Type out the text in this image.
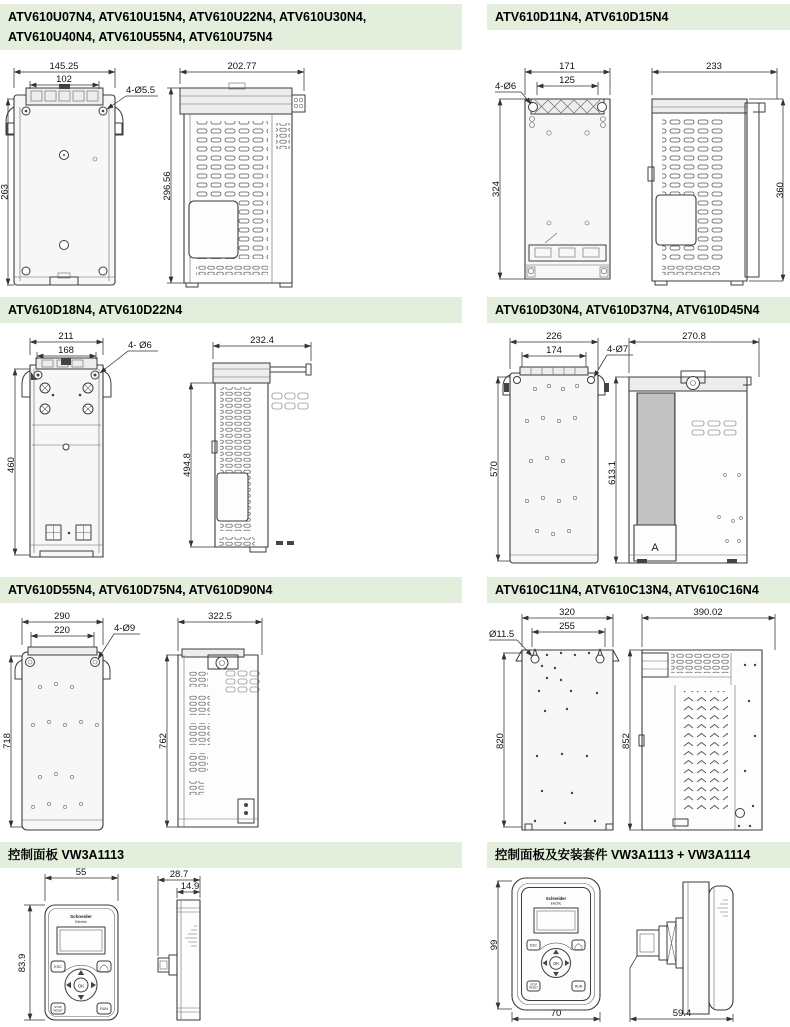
ATV610U07N4, ATV610U15N4, ATV610U22N4, ATV610U30N4, ATV610U40N4, ATV610U55N4, ATV610U75N4
145.25
102
263
4-Ø5.5
202.77
296.56
ATV610D11N4, ATV610D15N4
171
125
4-Ø6
324
233
360
ATV610D18N4, ATV610D22N4
211
168	4- Ø6
460
232.4
494.8
ATV610D30N4, ATV610D37N4, ATV610D45N4
226
174	4-Ø7
570
A
270.8
613.1
ATV610D55N4, ATV610D75N4, ATV610D90N4
290
220	4-Ø9
718
322.5
762
ATV610C11N4, ATV610C13N4, ATV610C16N4
320
255
Ø11.5
820
390.02
852
控制面板 VW3A1113
Schneider
Electric
ESC
OK
STOP
RESET	RUN
55
83.9
28.7
14.9
控制面板及安装套件 VW3A1113 + VW3A1114
Schneider
Electric
ESC
OK
STOP
RESET	RUN
99
70	59.4
